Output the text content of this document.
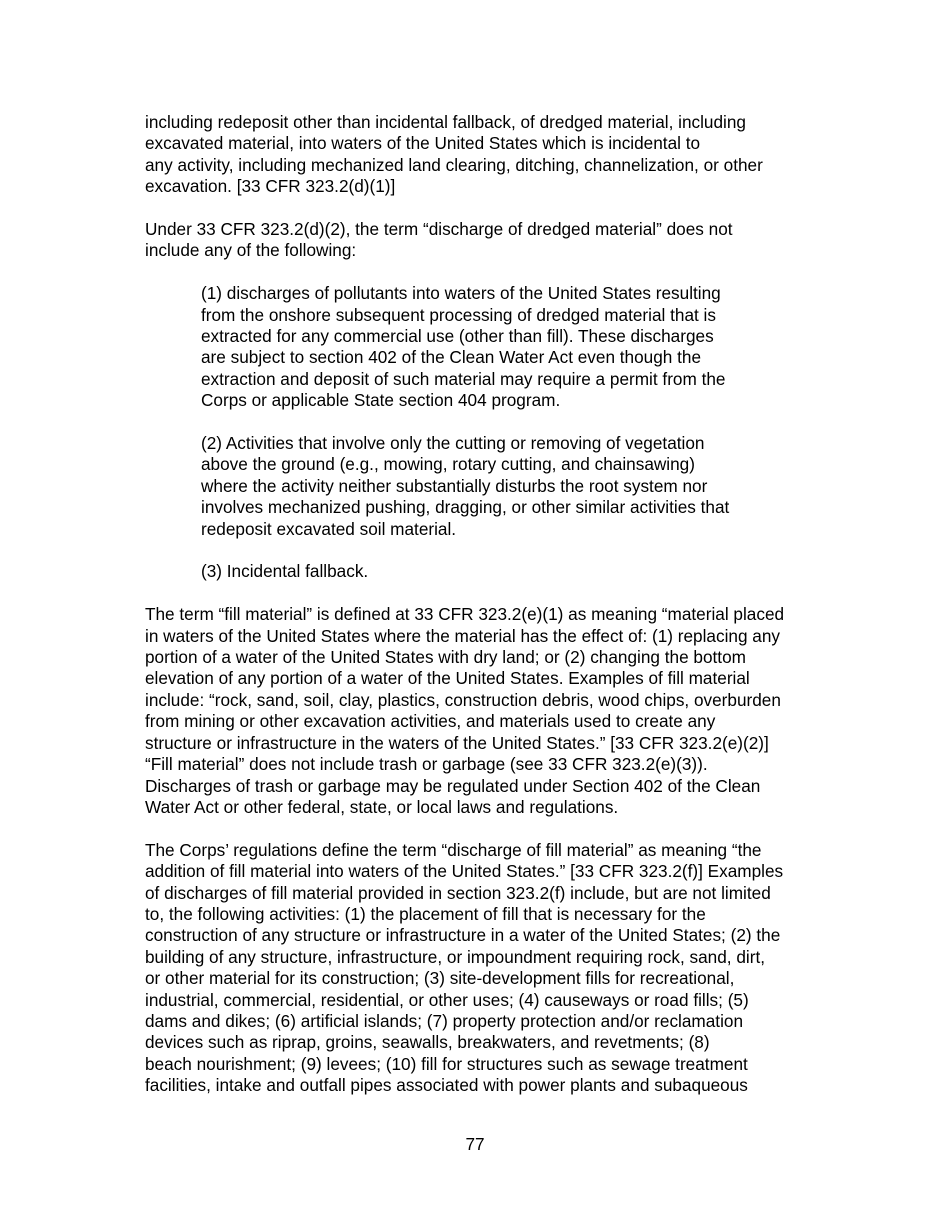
including redeposit other than incidental fallback, of dredged material, including
excavated material, into waters of the United States which is incidental to
any activity, including mechanized land clearing, ditching, channelization, or other
excavation. [33 CFR 323.2(d)(1)]
Under 33 CFR 323.2(d)(2), the term “discharge of dredged material” does not
include any of the following:
(1) discharges of pollutants into waters of the United States resulting
from the onshore subsequent processing of dredged material that is
extracted for any commercial use (other than fill). These discharges
are subject to section 402 of the Clean Water Act even though the
extraction and deposit of such material may require a permit from the
Corps or applicable State section 404 program.
(2) Activities that involve only the cutting or removing of vegetation
above the ground (e.g., mowing, rotary cutting, and chainsawing)
where the activity neither substantially disturbs the root system nor
involves mechanized pushing, dragging, or other similar activities that
redeposit excavated soil material.
(3) Incidental fallback.
The term “fill material” is defined at 33 CFR 323.2(e)(1) as meaning “material placed
in waters of the United States where the material has the effect of: (1) replacing any
portion of a water of the United States with dry land; or (2) changing the bottom
elevation of any portion of a water of the United States. Examples of fill material
include: “rock, sand, soil, clay, plastics, construction debris, wood chips, overburden
from mining or other excavation activities, and materials used to create any
structure or infrastructure in the waters of the United States.” [33 CFR 323.2(e)(2)]
“Fill material” does not include trash or garbage (see 33 CFR 323.2(e)(3)).
Discharges of trash or garbage may be regulated under Section 402 of the Clean
Water Act or other federal, state, or local laws and regulations.
The Corps’ regulations define the term “discharge of fill material” as meaning “the
addition of fill material into waters of the United States.” [33 CFR 323.2(f)] Examples
of discharges of fill material provided in section 323.2(f) include, but are not limited
to, the following activities: (1) the placement of fill that is necessary for the
construction of any structure or infrastructure in a water of the United States; (2) the
building of any structure, infrastructure, or impoundment requiring rock, sand, dirt,
or other material for its construction; (3) site-development fills for recreational,
industrial, commercial, residential, or other uses; (4) causeways or road fills; (5)
dams and dikes; (6) artificial islands; (7) property protection and/or reclamation
devices such as riprap, groins, seawalls, breakwaters, and revetments; (8)
beach nourishment; (9) levees; (10) fill for structures such as sewage treatment
facilities, intake and outfall pipes associated with power plants and subaqueous
77
